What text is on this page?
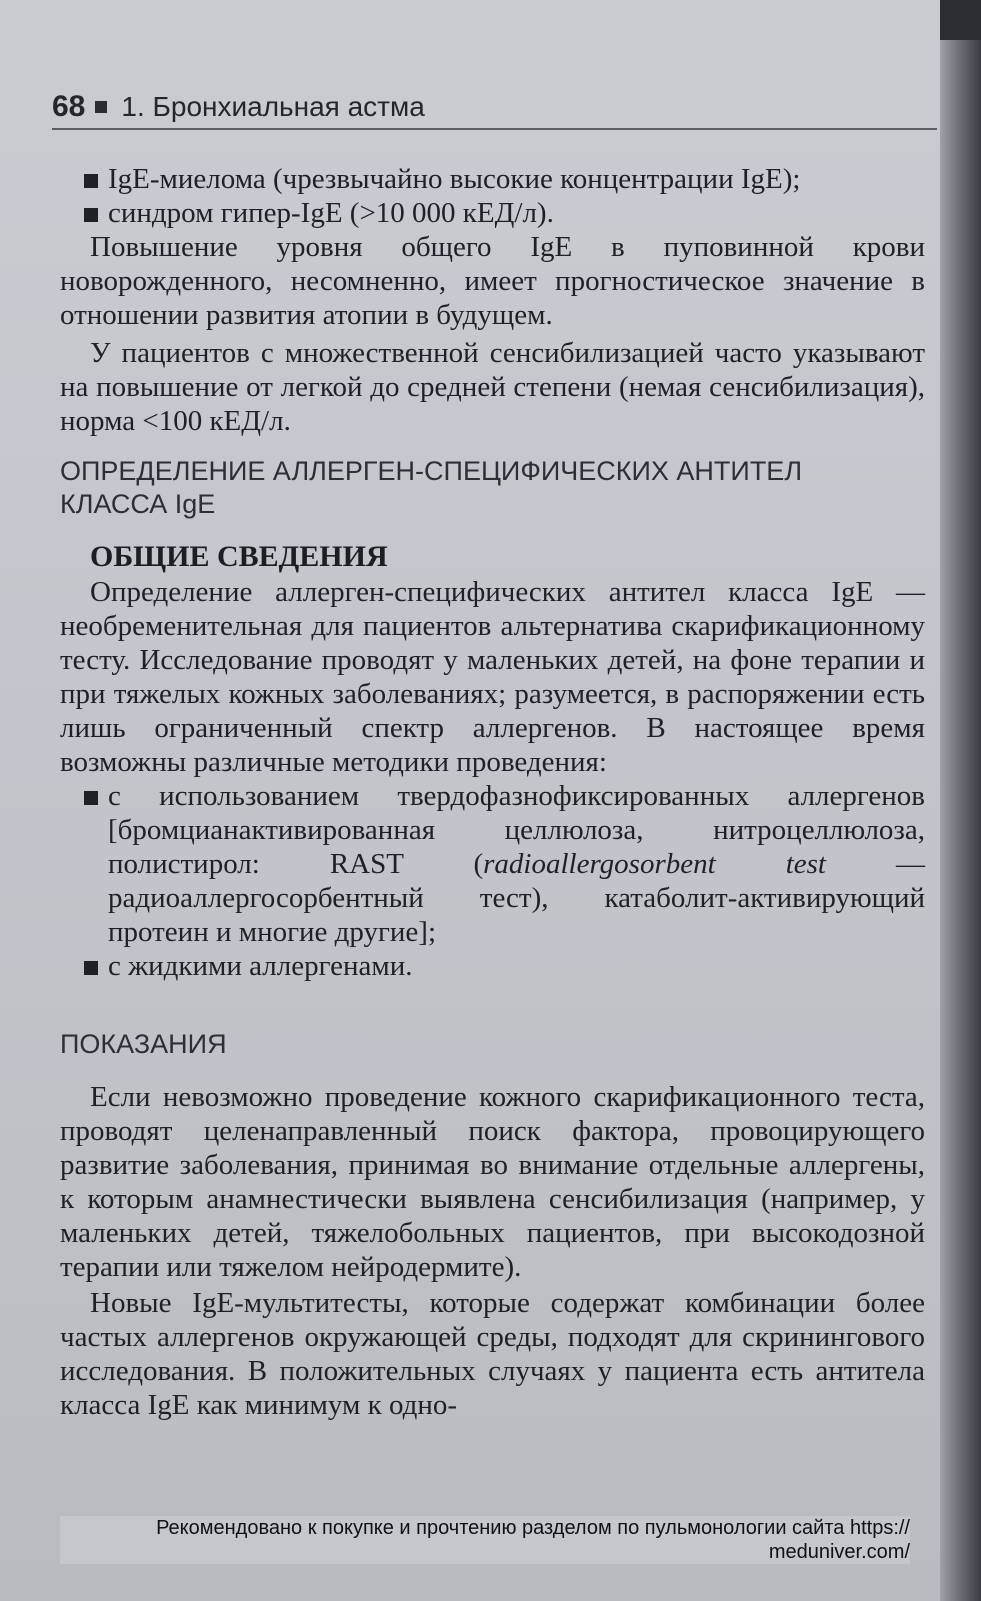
68 1. Бронхиальная астма
IgE-миелома (чрезвычайно высокие концентрации IgE);
синдром гипер-IgE (>10 000 кЕД/л).

Повышение уровня общего IgE в пуповинной крови новорожденного, несомненно, имеет прогностическое значение в отношении развития атопии в будущем.

У пациентов с множественной сенсибилизацией часто указывают на повышение от легкой до средней степени (немая сенсибилизация), норма <100 кЕД/л.

ОПРЕДЕЛЕНИЕ АЛЛЕРГЕН-СПЕЦИФИЧЕСКИХ АНТИТЕЛ
КЛАССА IgE
ОБЩИЕ СВЕДЕНИЯ

Определение аллерген-специфических антител класса IgE — необременительная для пациентов альтернатива скарификационному тесту. Исследование проводят у маленьких детей, на фоне терапии и при тяжелых кожных заболеваниях; разумеется, в распоряжении есть лишь ограниченный спектр аллергенов. В настоящее время возможны различные методики проведения:

с использованием твердофазнофиксированных аллергенов [бромцианактивированная целлюлоза, нитроцеллюлоза, полистирол: RAST (radioallergosorbent test — радиоаллергосорбентный тест), катаболит-активирующий протеин и многие другие];
с жидкими аллергенами.
ПОКАЗАНИЯ

Если невозможно проведение кожного скарификационного теста, проводят целенаправленный поиск фактора, провоцирующего развитие заболевания, принимая во внимание отдельные аллергены, к которым анамнестически выявлена сенсибилизация (например, у маленьких детей, тяжелобольных пациентов, при высокодозной терапии или тяжелом нейродермите).

Новые IgE-мультитесты, которые содержат комбинации более частых аллергенов окружающей среды, подходят для скринингового исследования. В положительных случаях у пациента есть антитела класса IgE как минимум к одно-

Рекомендовано к покупке и прочтению разделом по пульмонологии сайта https://
meduniver.com/
